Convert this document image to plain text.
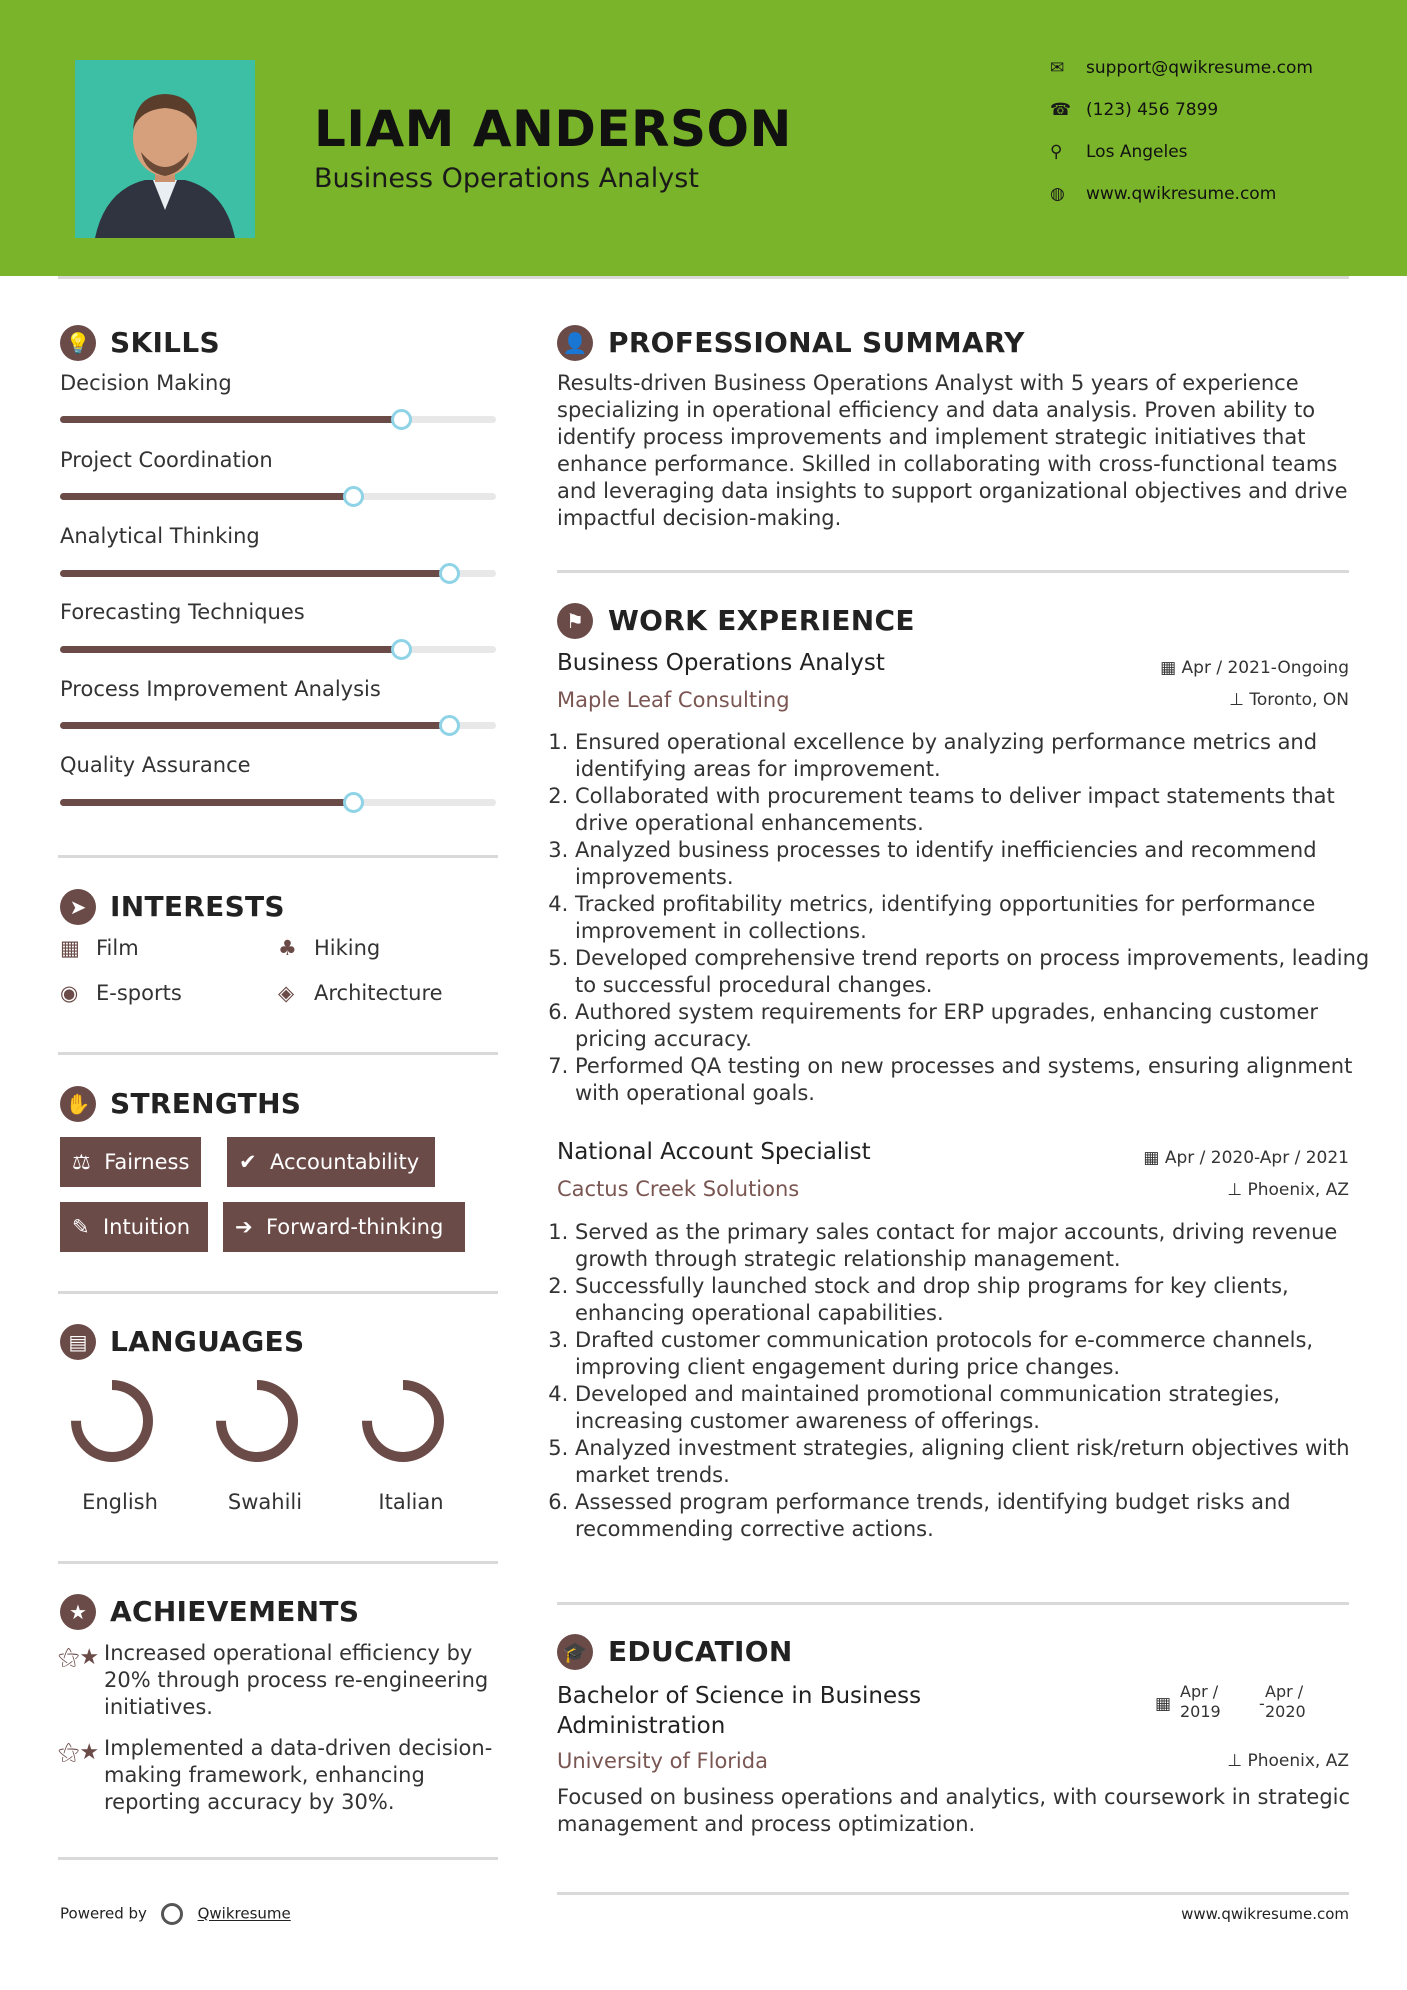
LIAM ANDERSON
Business Operations Analyst
✉ support@qwikresume.com
☎ (123) 456 7899
⚲ Los Angeles
◍ www.qwikresume.com
💡 SKILLS
Decision Making
Project Coordination
Analytical Thinking
Forecasting Techniques
Process Improvement Analysis
Quality Assurance
➤ INTERESTS
▦ Film	♣ Hiking
◉ E-sports	◈ Architecture
✋ STRENGTHS
⚖ Fairness	✔ Accountability
✎ Intuition	➔ Forward-thinking
▤ LANGUAGES
English	Swahili	Italian
★ ACHIEVEMENTS
⚝★ Increased operational efficiency by 20% through process re-engineering initiatives.
⚝★ Implemented a data-driven decision-making framework, enhancing reporting accuracy by 30%.
👤 PROFESSIONAL SUMMARY
Results-driven Business Operations Analyst with 5 years of experience specializing in operational efficiency and data analysis. Proven ability to identify process improvements and implement strategic initiatives that enhance performance. Skilled in collaborating with cross-functional teams and leveraging data insights to support organizational objectives and drive impactful decision-making.
⚑ WORK EXPERIENCE
Business Operations Analyst	▦ Apr / 2021-Ongoing
Maple Leaf Consulting	⊥ Toronto, ON
1. Ensured operational excellence by analyzing performance metrics and identifying areas for improvement.
2. Collaborated with procurement teams to deliver impact statements that drive operational enhancements.
3. Analyzed business processes to identify inefficiencies and recommend improvements.
4. Tracked profitability metrics, identifying opportunities for performance improvement in collections.
5. Developed comprehensive trend reports on process improvements, leading to successful procedural changes.
6. Authored system requirements for ERP upgrades, enhancing customer pricing accuracy.
7. Performed QA testing on new processes and systems, ensuring alignment with operational goals.
National Account Specialist	▦ Apr / 2020-Apr / 2021
Cactus Creek Solutions	⊥ Phoenix, AZ
1. Served as the primary sales contact for major accounts, driving revenue growth through strategic relationship management.
2. Successfully launched stock and drop ship programs for key clients, enhancing operational capabilities.
3. Drafted customer communication protocols for e-commerce channels, improving client engagement during price changes.
4. Developed and maintained promotional communication strategies, increasing customer awareness of offerings.
5. Analyzed investment strategies, aligning client risk/return objectives with market trends.
6. Assessed program performance trends, identifying budget risks and recommending corrective actions.
🎓 EDUCATION
Bachelor of Science in Business
Administration
▦
Apr /
2019 -
Apr /
2020
University of Florida	⊥ Phoenix, AZ
Focused on business operations and analytics, with coursework in strategic management and process optimization.
Powered by	Qwikresume	www.qwikresume.com
